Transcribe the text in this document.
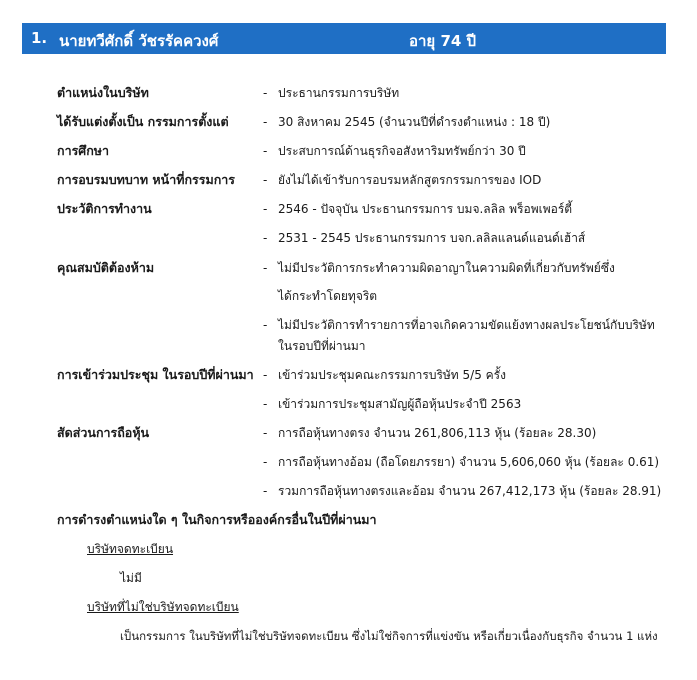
1. นายทวีศักดิ์ วัชรรัคควงศ์	อายุ 74 ปี
ตำแหน่งในบริษัท	- ประธานกรรมการบริษัท
ได้รับแต่งตั้งเป็น กรรมการตั้งแต่	- 30 สิงหาคม 2545 (จำนวนปีที่ดำรงตำแหน่ง : 18 ปี)
การศึกษา	- ประสบการณ์ด้านธุรกิจอสังหาริมทรัพย์กว่า 30 ปี
การอบรมบทบาท หน้าที่กรรมการ - ยังไม่ได้เข้ารับการอบรมหลักสูตรกรรมการของ IOD
ประวัติการทำงาน	- 2546 - ปัจจุบัน ประธานกรรมการ บมจ.ลลิล พร็อพเพอร์ตี้
- 2531 - 2545 ประธานกรรมการ บจก.ลลิลแลนด์แอนด์เฮ้าส์
คุณสมบัติต้องห้าม	- ไม่มีประวัติการกระทำความผิดอาญาในความผิดที่เกี่ยวกับทรัพย์ซึ่ง
ได้กระทำโดยทุจริต
- ไม่มีประวัติการทำรายการที่อาจเกิดความขัดแย้งทางผลประโยชน์กับบริษัท
ในรอบปีที่ผ่านมา
การเข้าร่วมประชุม ในรอบปีที่ผ่านมา - เข้าร่วมประชุมคณะกรรมการบริษัท 5/5 ครั้ง
- เข้าร่วมการประชุมสามัญผู้ถือหุ้นประจำปี 2563
สัดส่วนการถือหุ้น	- การถือหุ้นทางตรง จำนวน 261,806,113 หุ้น (ร้อยละ 28.30)
- การถือหุ้นทางอ้อม (ถือโดยภรรยา) จำนวน 5,606,060 หุ้น (ร้อยละ 0.61)
- รวมการถือหุ้นทางตรงและอ้อม จำนวน 267,412,173 หุ้น (ร้อยละ 28.91)
การดำรงตำแหน่งใด ๆ ในกิจการหรือองค์กรอื่นในปีที่ผ่านมา
บริษัทจดทะเบียน
ไม่มี
บริษัทที่ไม่ใช่บริษัทจดทะเบียน
เป็นกรรมการ ในบริษัทที่ไม่ใช่บริษัทจดทะเบียน ซึ่งไม่ใช่กิจการที่แข่งขัน หรือเกี่ยวเนื่องกับธุรกิจ จำนวน 1 แห่ง
